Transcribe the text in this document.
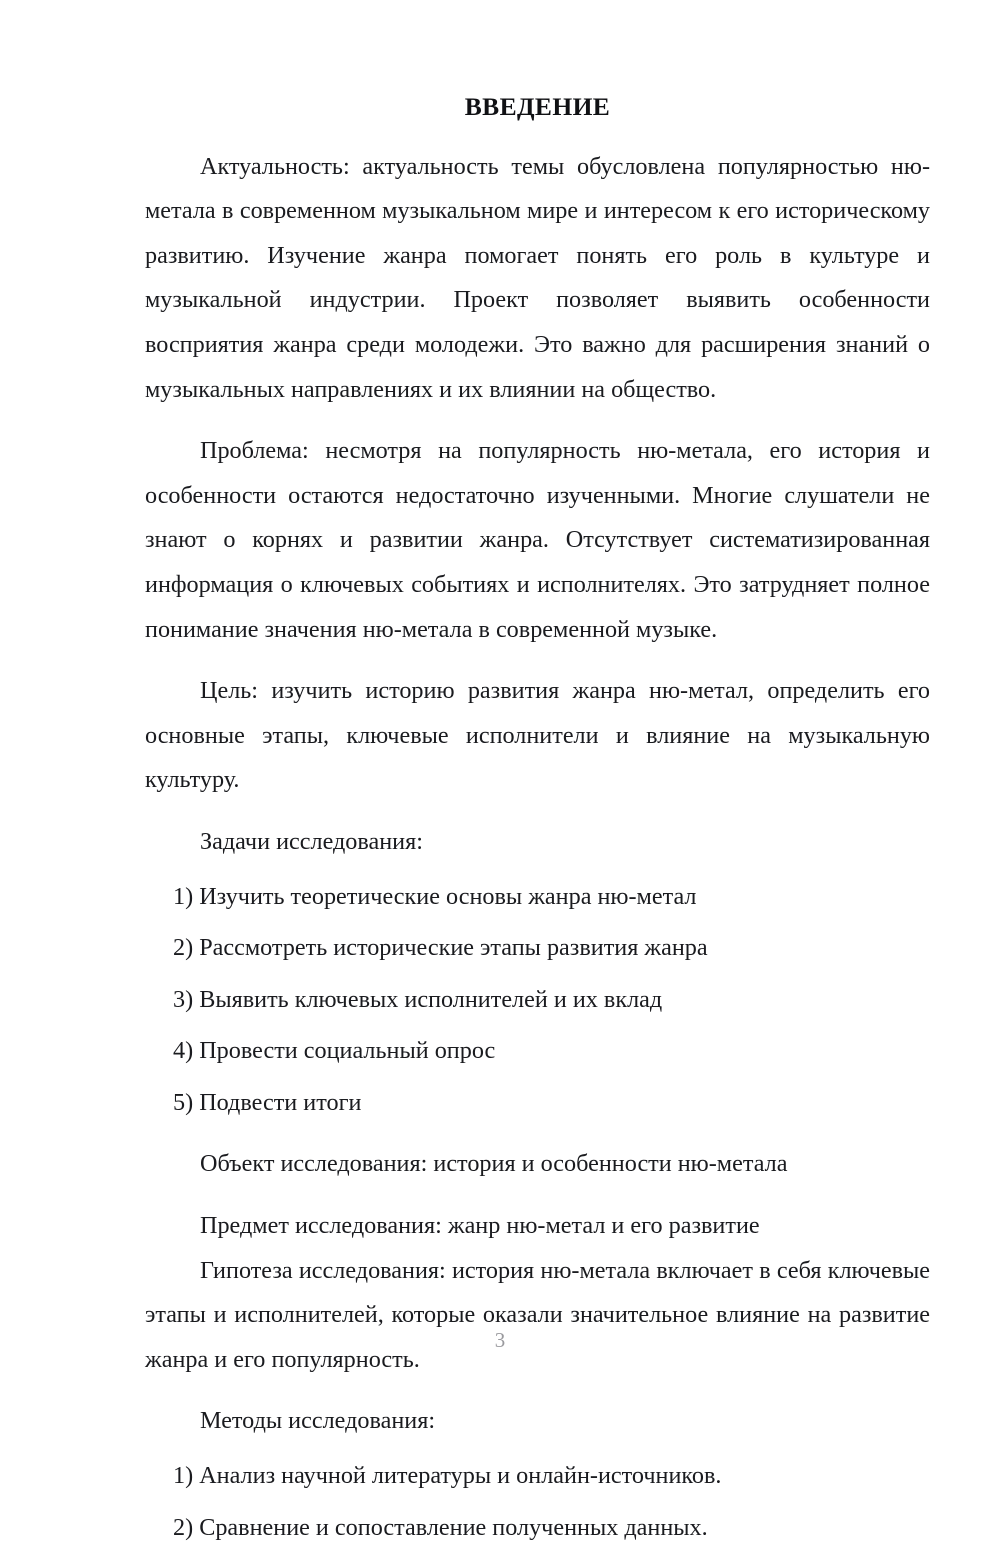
ВВЕДЕНИЕ

Актуальность: актуальность темы обусловлена популярностью ню-метала в современном музыкальном мире и интересом к его историческому развитию. Изучение жанра помогает понять его роль в культуре и музыкальной индустрии. Проект позволяет выявить особенности восприятия жанра среди молодежи. Это важно для расширения знаний о музыкальных направлениях и их влиянии на общество.

Проблема: несмотря на популярность ню-метала, его история и особенности остаются недостаточно изученными. Многие слушатели не знают о корнях и развитии жанра. Отсутствует систематизированная информация о ключевых событиях и исполнителях. Это затрудняет полное понимание значения ню-метала в современной музыке.

Цель: изучить историю развития жанра ню-метал, определить его основные этапы, ключевые исполнители и влияние на музыкальную культуру.

Задачи исследования:

1) Изучить теоретические основы жанра ню-метал
2) Рассмотреть исторические этапы развития жанра
3) Выявить ключевых исполнителей и их вклад
4) Провести социальный опрос
5) Подвести итоги

Объект исследования: история и особенности ню-метала

Предмет исследования: жанр ню-метал и его развитие

Гипотеза исследования: история ню-метала включает в себя ключевые этапы и исполнителей, которые оказали значительное влияние на развитие жанра и его популярность.

Методы исследования:

1) Анализ научной литературы и онлайн-источников.
2) Сравнение и сопоставление полученных данных.
3
